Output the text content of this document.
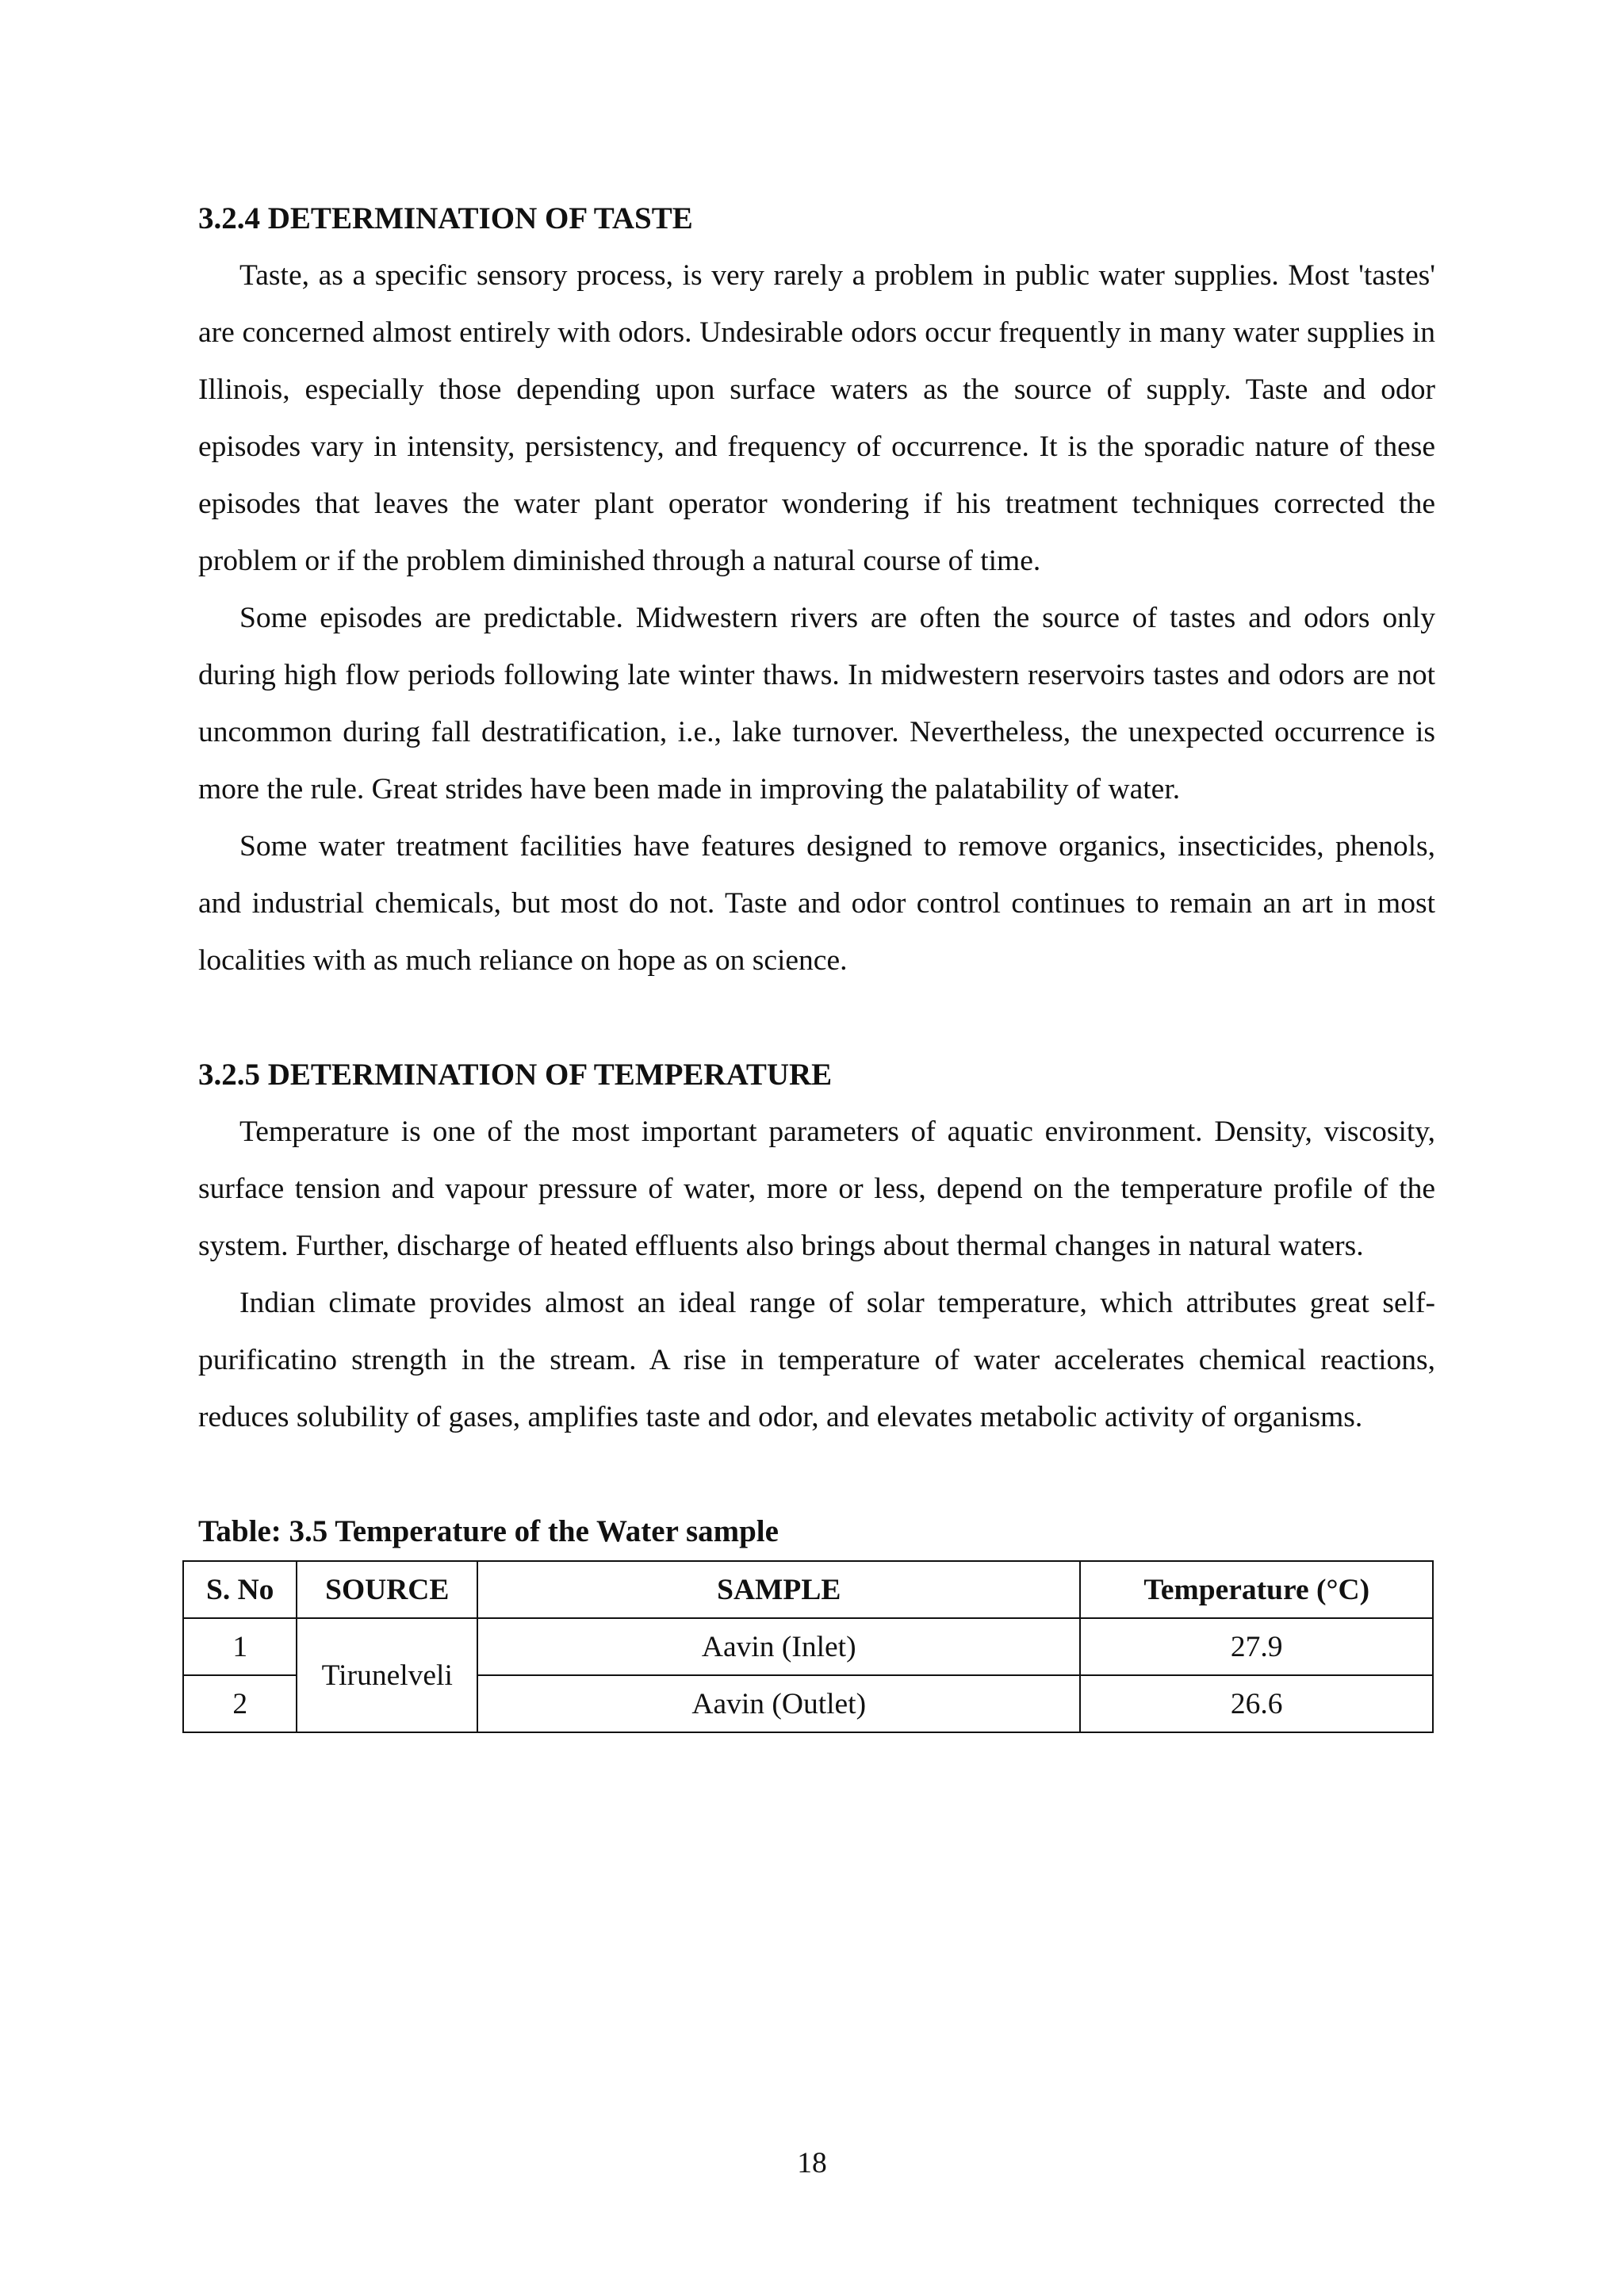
3.2.4 DETERMINATION OF TASTE

Taste, as a specific sensory process, is very rarely a problem in public water supplies. Most 'tastes' are concerned almost entirely with odors. Undesirable odors occur frequently in many water supplies in Illinois, especially those depending upon surface waters as the source of supply. Taste and odor episodes vary in intensity, persistency, and frequency of occurrence. It is the sporadic nature of these episodes that leaves the water plant operator wondering if his treatment techniques corrected the problem or if the problem diminished through a natural course of time.

Some episodes are predictable. Midwestern rivers are often the source of tastes and odors only during high flow periods following late winter thaws. In midwestern reservoirs tastes and odors are not uncommon during fall destratification, i.e., lake turnover. Nevertheless, the unexpected occurrence is more the rule. Great strides have been made in improving the palatability of water.

Some water treatment facilities have features designed to remove organics, insecticides, phenols, and industrial chemicals, but most do not. Taste and odor control continues to remain an art in most localities with as much reliance on hope as on science.

3.2.5 DETERMINATION OF TEMPERATURE

Temperature is one of the most important parameters of aquatic environment. Density, viscosity, surface tension and vapour pressure of water, more or less, depend on the temperature profile of the system. Further, discharge of heated effluents also brings about thermal changes in natural waters.

Indian climate provides almost an ideal range of solar temperature, which attributes great self-purificatino strength in the stream. A rise in temperature of water accelerates chemical reactions, reduces solubility of gases, amplifies taste and odor, and elevates metabolic activity of organisms.

Table: 3.5 Temperature of the Water sample
S. No	SOURCE	SAMPLE	Temperature (°C)
1	Tirunelveli	Aavin (Inlet)	27.9
2		Aavin (Outlet)	26.6
18
